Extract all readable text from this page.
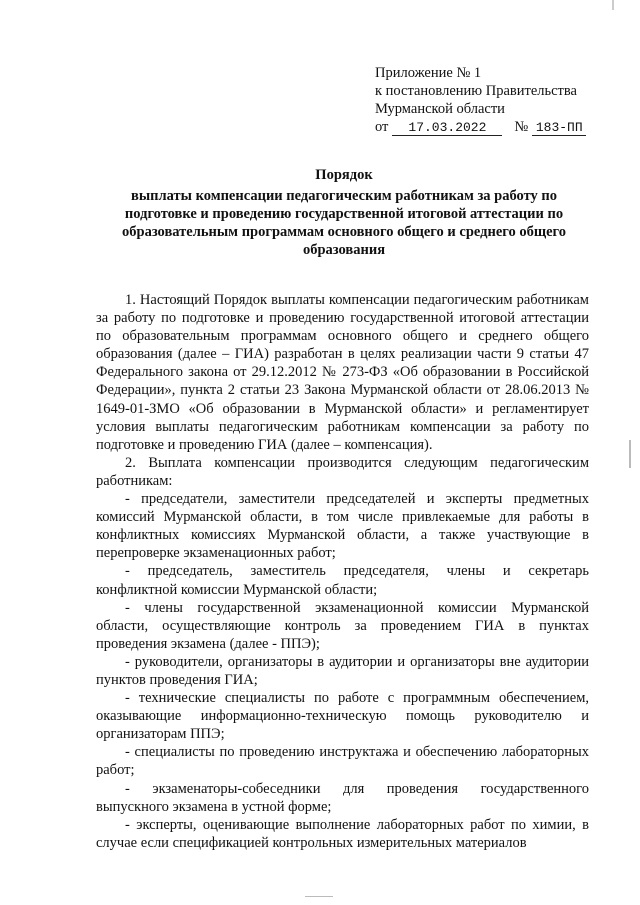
Приложение № 1
к постановлению Правительства
Мурманской области
от 17.03.2022 № 183-ПП
Порядок
выплаты компенсации педагогическим работникам за работу по
подготовке и проведению государственной итоговой аттестации по
образовательным программам основного общего и среднего общего
образования

1. Настоящий Порядок выплаты компенсации педагогическим работникам за работу по подготовке и проведению государственной итоговой аттестации по образовательным программам основного общего и среднего общего образования (далее – ГИА) разработан в целях реализации части 9 статьи 47 Федерального закона от 29.12.2012 № 273-ФЗ «Об образовании в Российской Федерации», пункта 2 статьи 23 Закона Мурманской области от 28.06.2013 № 1649-01-ЗМО «Об образовании в Мурманской области» и регламентирует условия выплаты педагогическим работникам компенсации за работу по подготовке и проведению ГИА (далее – компенсация).

2. Выплата компенсации производится следующим педагогическим работникам:

- председатели, заместители председателей и эксперты предметных комиссий Мурманской области, в том числе привлекаемые для работы в конфликтных комиссиях Мурманской области, а также участвующие в перепроверке экзаменационных работ;

- председатель, заместитель председателя, члены и секретарь конфликтной комиссии Мурманской области;

- члены государственной экзаменационной комиссии Мурманской области, осуществляющие контроль за проведением ГИА в пунктах проведения экзамена (далее - ППЭ);

- руководители, организаторы в аудитории и организаторы вне аудитории пунктов проведения ГИА;

- технические специалисты по работе с программным обеспечением, оказывающие информационно-техническую помощь руководителю и организаторам ППЭ;

- специалисты по проведению инструктажа и обеспечению лабораторных работ;

- экзаменаторы-собеседники для проведения государственного выпускного экзамена в устной форме;

- эксперты, оценивающие выполнение лабораторных работ по химии, в случае если спецификацией контрольных измерительных материалов
